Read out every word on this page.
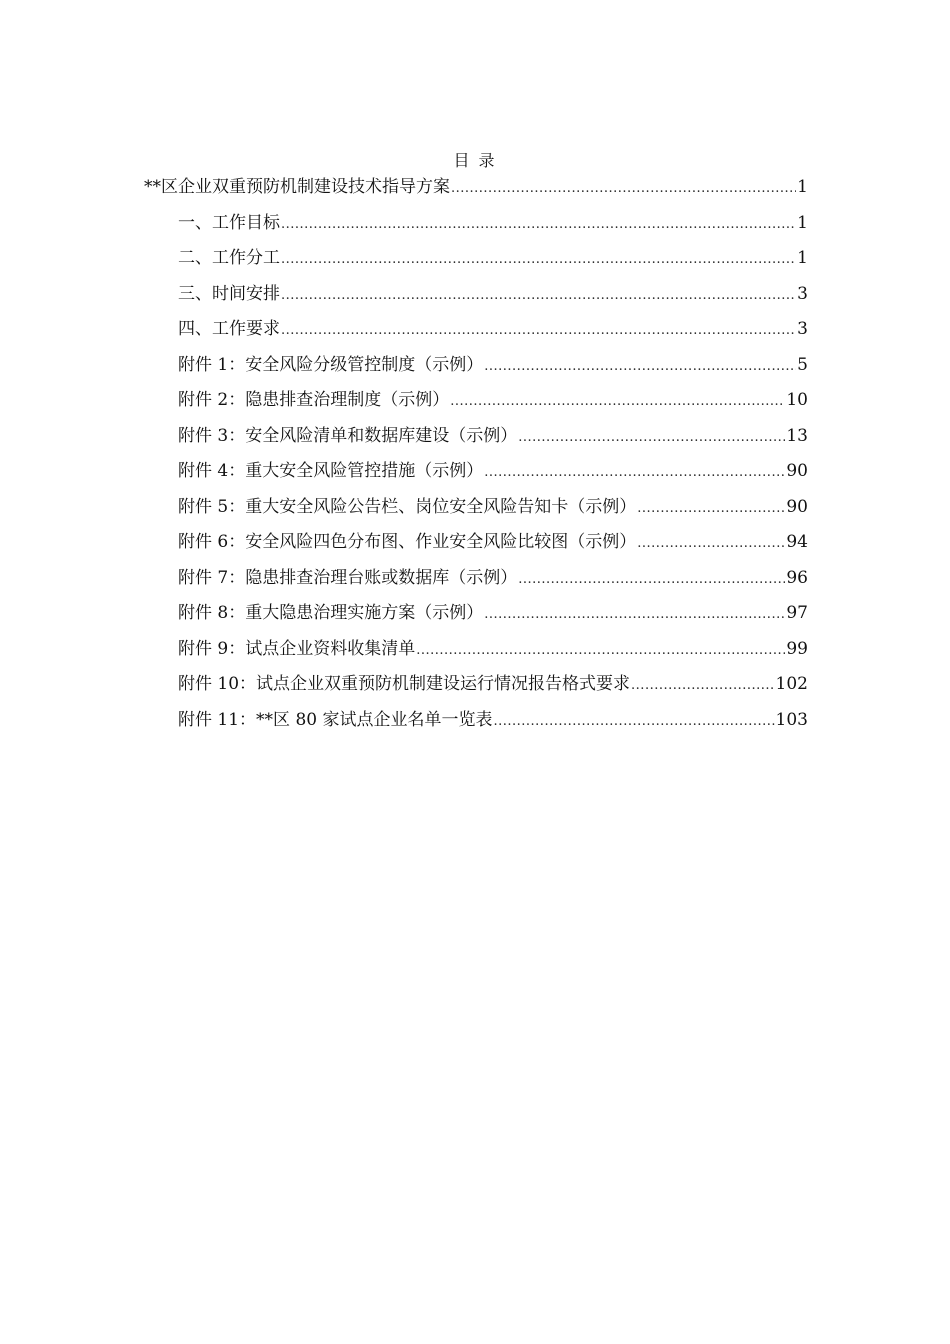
目 录
**区企业双重预防机制建设技术指导方案 .....	1
一、工作目标 .....	1
二、工作分工 .....	1
三、时间安排 .....	3
四、工作要求 .....	3
附件 1：安全风险分级管控制度（示例） .....	5
附件 2：隐患排查治理制度（示例） .....	10
附件 3：安全风险清单和数据库建设（示例） .....	13
附件 4：重大安全风险管控措施（示例） .....	90
附件 5：重大安全风险公告栏、岗位安全风险告知卡（示例） .....	90
附件 6：安全风险四色分布图、作业安全风险比较图（示例） .....	94
附件 7：隐患排查治理台账或数据库（示例） .....	96
附件 8：重大隐患治理实施方案（示例） .....	97
附件 9：试点企业资料收集清单 .....	99
附件 10：试点企业双重预防机制建设运行情况报告格式要求 .....	102
附件 11：**区 80 家试点企业名单一览表 .....	103
